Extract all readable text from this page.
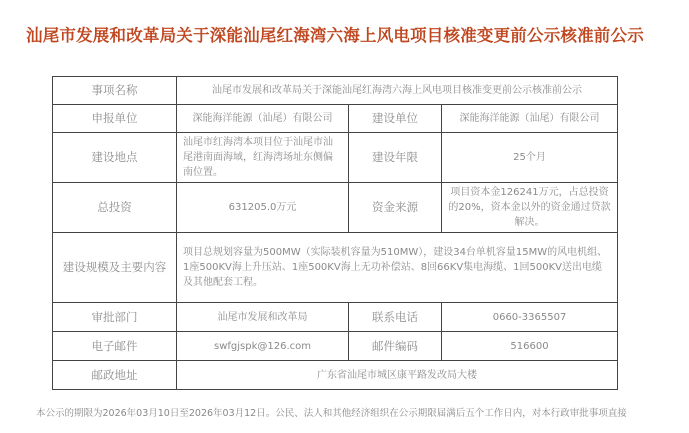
汕尾市发展和改革局关于深能汕尾红海湾六海上风电项目核准变更前公示核准前公示
事项名称	汕尾市发展和改革局关于深能汕尾红海湾六海上风电项目核准变更前公示核准前公示		
申报单位	深能海洋能源（汕尾）有限公司	建设单位	深能海洋能源（汕尾）有限公司
建设地点	汕尾市红海湾本项目位于汕尾市汕尾港南面海域，红海湾场址东侧偏南位置。	建设年限	25个月
总投资	631205.0万元	资金来源	项目资本金126241万元，占总投资的20%，资本金以外的资金通过贷款解决。
建设规模及主要内容	项目总规划容量为500MW（实际装机容量为510MW），建设34台单机容量15MW的风电机组、1座500KV海上升压站、1座500KV海上无功补偿站、8回66KV集电海缆、1回500KV送出电缆及其他配套工程。		
审批部门	汕尾市发展和改革局	联系电话	0660-3365507
电子邮件	swfgjspk@126.com	邮件编码	516600
邮政地址	广东省汕尾市城区康平路发改局大楼		
本公示的期限为2026年03月10日至2026年03月12日。公民、法人和其他经济组织在公示期限届满后五个工作日内，对本行政审批事项直接
